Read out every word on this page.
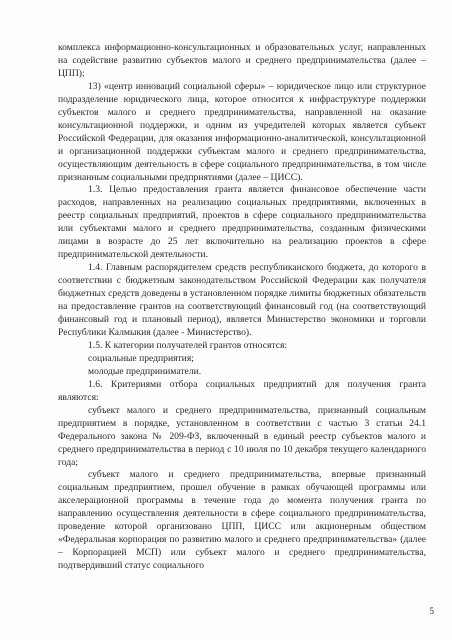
комплекса информационно-консультационных и образовательных услуг, направленных на содействие развитию субъектов малого и среднего предпринимательства (далее – ЦПП);

13) «центр инноваций социальной сферы» – юридическое лицо или структурное подразделение юридического лица, которое относится к инфраструктуре поддержки субъектов малого и среднего предпринимательства, направленной на оказание консультационной поддержки, и одним из учредителей которых является субъект Российской Федерации, для оказания информационно-аналитической, консультационной и организационной поддержки субъектам малого и среднего предпринимательства, осуществляющим деятельность в сфере социального предпринимательства, в том числе признанным социальными предприятиями (далее – ЦИСС).

1.3. Целью предоставления гранта является финансовое обеспечение части расходов, направленных на реализацию социальных предприятиями, включенных в реестр социальных предприятий, проектов в сфере социального предпринимательства или субъектами малого и среднего предпринимательства, созданным физическими лицами в возрасте до 25 лет включительно на реализацию проектов в сфере предпринимательской деятельности.

1.4. Главным распорядителем средств республиканского бюджета, до которого в соответствии с бюджетным законодательством Российской Федерации как получателя бюджетных средств доведены в установленном порядке лимиты бюджетных обязательств на предоставление грантов на соответствующий финансовый год (на соответствующий финансовый год и плановый период), является Министерство экономики и торговли Республики Калмыкия (далее - Министерство).

1.5. К категории получателей грантов относятся:

социальные предприятия;

молодые предприниматели.

1.6. Критериями отбора социальных предприятий для получения гранта являются:

субъект малого и среднего предпринимательства, признанный социальным предприятием в порядке, установленном в соответствии с частью 3 статьи 24.1 Федерального закона № 209-ФЗ, включенный в единый реестр субъектов малого и среднего предпринимательства в период с 10 июля по 10 декабря текущего календарного года;

субъект малого и среднего предпринимательства, впервые признанный социальным предприятием, прошел обучение в рамках обучающей программы или акселерационной программы в течение года до момента получения гранта по направлению осуществления деятельности в сфере социального предпринимательства, проведение которой организовано ЦПП, ЦИСС или акционерным обществом «Федеральная корпорация по развитию малого и среднего предпринимательства» (далее – Корпорацией МСП) или субъект малого и среднего предпринимательства, подтвердивший статус социального

5
